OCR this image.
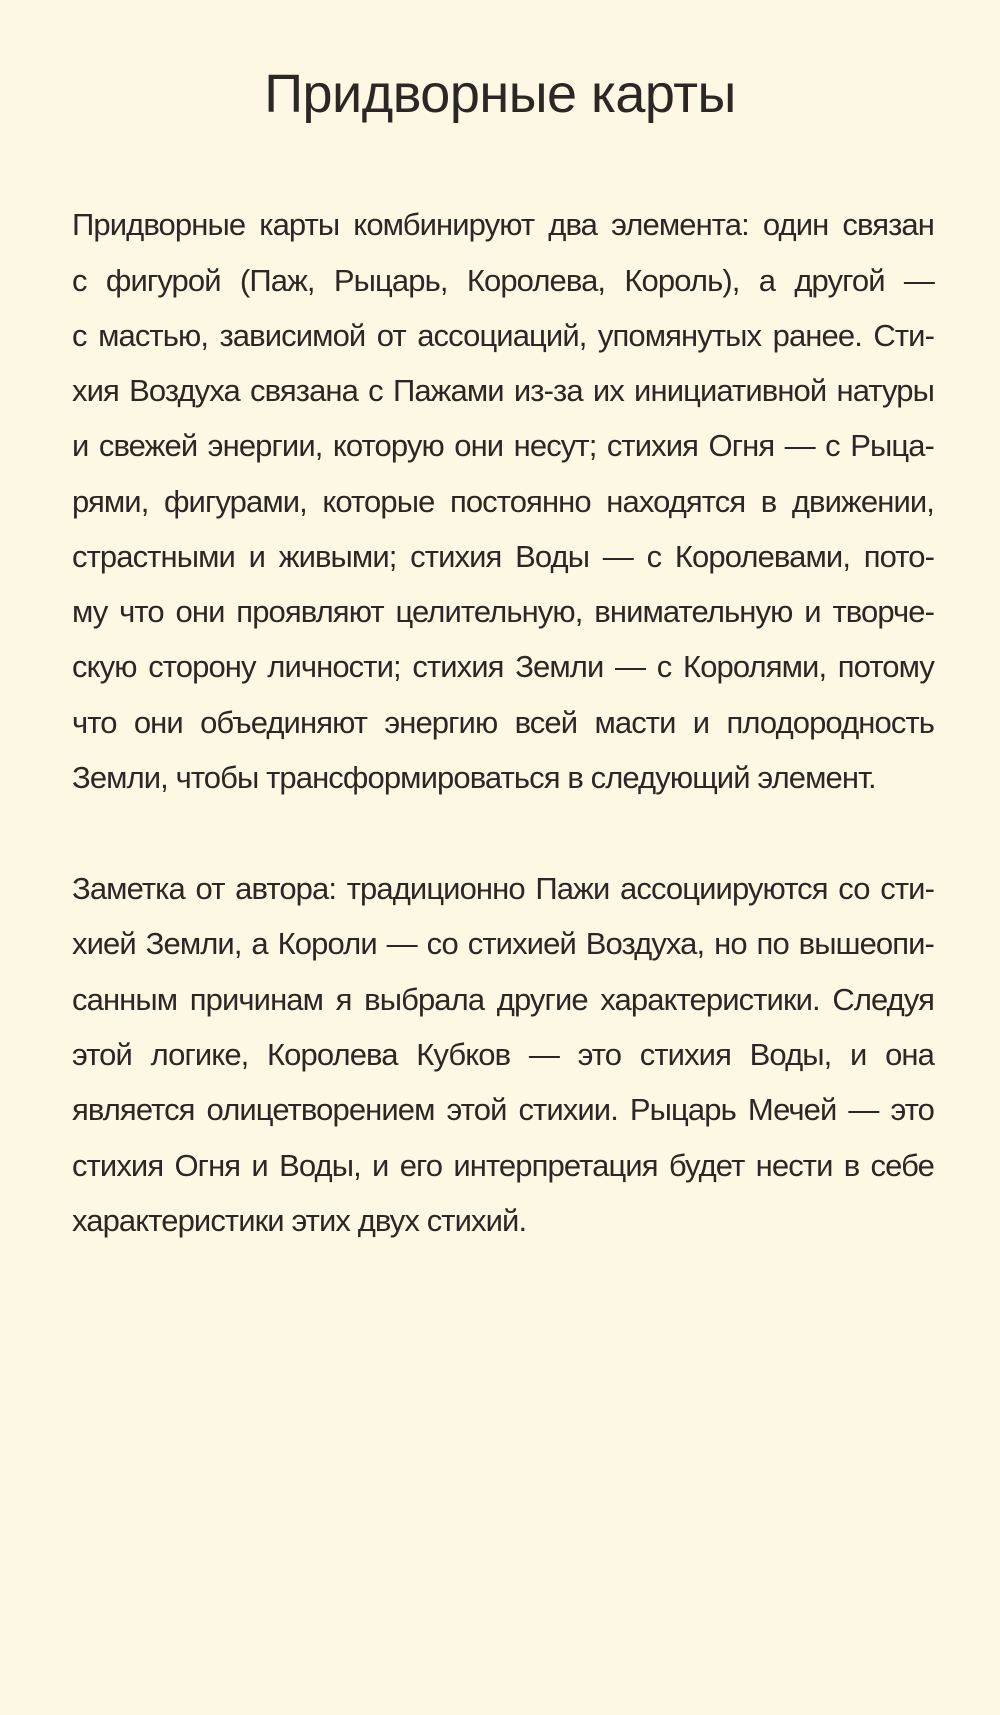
Придворные карты
Придворные карты комбинируют два элемента: один связан
с фигурой (Паж, Рыцарь, Королева, Король), а другой —
с мастью, зависимой от ассоциаций, упомянутых ранее. Сти-
хия Воздуха связана с Пажами из-за их инициативной натуры
и свежей энергии, которую они несут; стихия Огня — с Рыца-
рями, фигурами, которые постоянно находятся в движении,
страстными и живыми; стихия Воды — с Королевами, пото-
му что они проявляют целительную, внимательную и творче-
скую сторону личности; стихия Земли — с Королями, потому
что они объединяют энергию всей масти и плодородность
Земли, чтобы трансформироваться в следующий элемент.
Заметка от автора: традиционно Пажи ассоциируются со сти-
хией Земли, а Короли — со стихией Воздуха, но по вышеопи-
санным причинам я выбрала другие характеристики. Следуя
этой логике, Королева Кубков — это стихия Воды, и она
является олицетворением этой стихии. Рыцарь Мечей — это
стихия Огня и Воды, и его интерпретация будет нести в себе
характеристики этих двух стихий.
